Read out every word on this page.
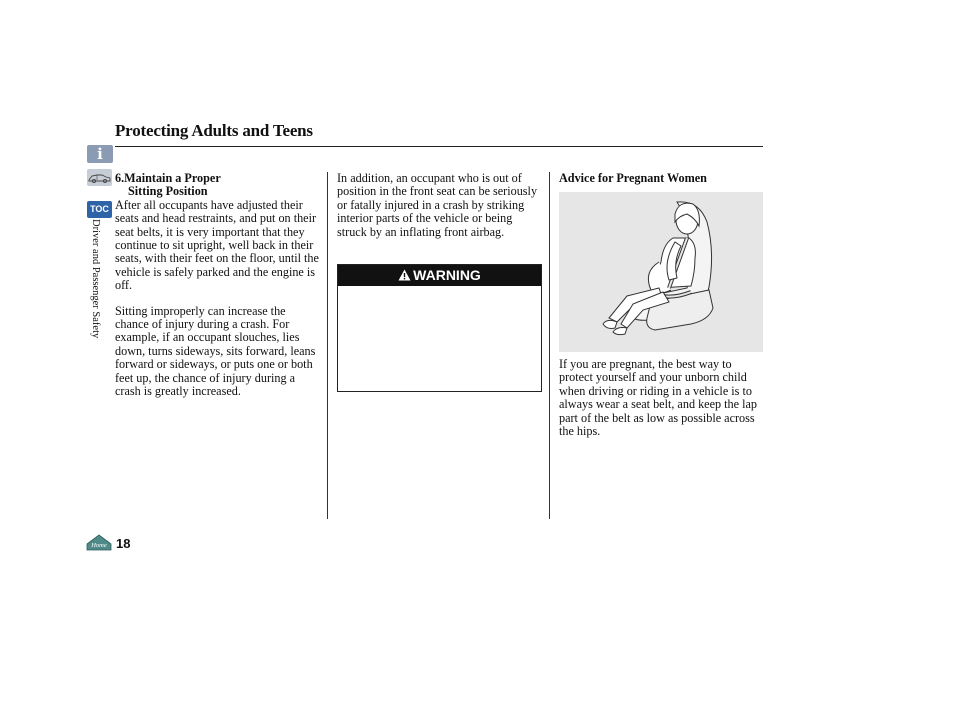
Protecting Adults and Teens
i
TOC
Driver and Passenger Safety
6.Maintain a Proper
Sitting Position

After all occupants have adjusted their seats and head restraints, and put on their seat belts, it is very important that they continue to sit upright, well back in their seats, with their feet on the floor, until the vehicle is safely parked and the engine is off.

Sitting improperly can increase the chance of injury during a crash. For example, if an occupant slouches, lies down, turns sideways, sits forward, leans forward or sideways, or puts one or both feet up, the chance of injury during a crash is greatly increased.

In addition, an occupant who is out of position in the front seat can be seriously or fatally injured in a crash by striking interior parts of the vehicle or being struck by an inflating front airbag.

WARNING
Advice for Pregnant Women

If you are pregnant, the best way to protect yourself and your unborn child when driving or riding in a vehicle is to always wear a seat belt, and keep the lap part of the belt as low as possible across the hips.

Home 18
